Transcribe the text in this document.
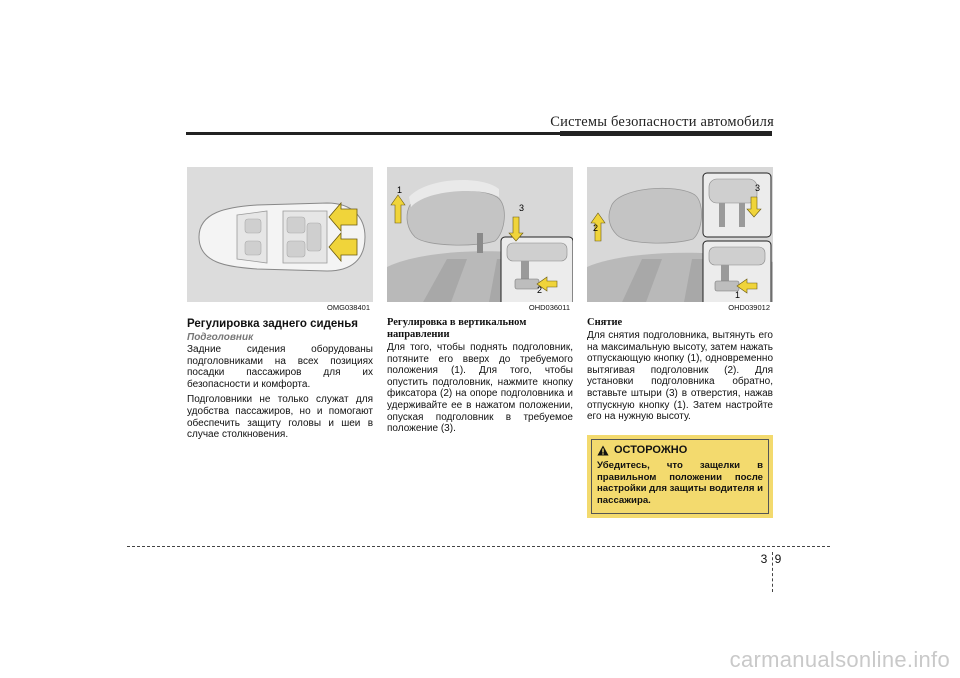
Системы безопасности автомобиля
OMG038401
Регулировка заднего сиденья
Подголовник

Задние сидения оборудованы подголовниками на всех позициях посадки пассажиров для их безопасности и комфорта.

Подголовники не только служат для удобства пассажиров, но и помогают обеспечить защиту головы и шеи в случае столкновения.

1
3
2
OHD036011
Регулировка в вертикальном направлении

Для того, чтобы поднять подголовник, потяните его вверх до требуемого положения (1). Для того, чтобы опустить подголовник, нажмите кнопку фиксатора (2) на опоре подголовника и удерживайте ее в нажатом положении, опуская подголовник в требуемое положение (3).

3
2
1
OHD039012
Снятие

Для снятия подголовника, вытянуть его на максимальную высоту, затем нажать отпускающую кнопку (1), одновременно вытягивая подголовник (2). Для установки подголовника обратно, вставьте штыри (3) в отверстия, нажав отпускную кнопку (1). Затем настройте его на нужную высоту.

ОСТОРОЖНО
Убедитесь, что защелки в правильном положении после настройки для защиты водителя и пассажира.
3 9
carmanualsonline.info
